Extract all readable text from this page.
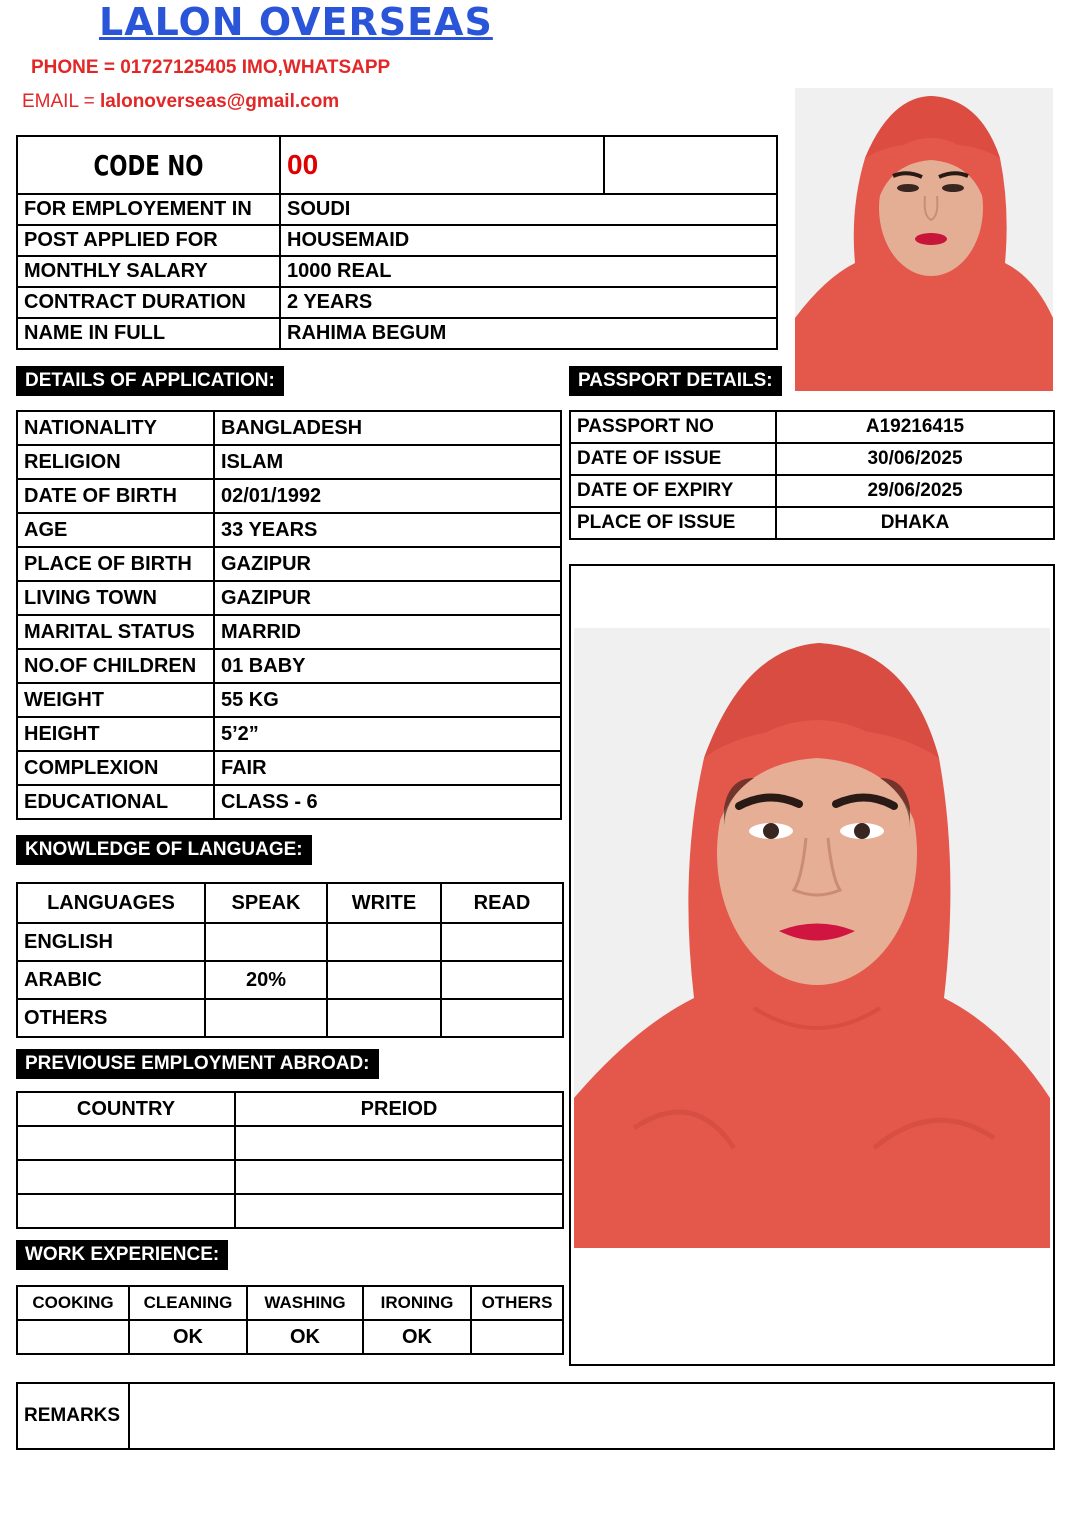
LALON OVERSEAS
PHONE = 01727125405 IMO,WHATSAPP
EMAIL = lalonoverseas@gmail.com
CODE NO	00	
FOR EMPLOYEMENT IN	SOUDI	
POST APPLIED FOR	HOUSEMAID	
MONTHLY SALARY	1000 REAL	
CONTRACT DURATION	2 YEARS	
NAME IN FULL	RAHIMA BEGUM	
DETAILS OF APPLICATION:
NATIONALITY	BANGLADESH
RELIGION	ISLAM
DATE OF BIRTH	02/01/1992
AGE	33 YEARS
PLACE OF BIRTH	GAZIPUR
LIVING TOWN	GAZIPUR
MARITAL STATUS	MARRID
NO.OF CHILDREN	01 BABY
WEIGHT	55 KG
HEIGHT	5’2”
COMPLEXION	FAIR
EDUCATIONAL	CLASS - 6
PASSPORT DETAILS:
PASSPORT NO	A19216415
DATE OF ISSUE	30/06/2025
DATE OF EXPIRY	29/06/2025
PLACE OF ISSUE	DHAKA
KNOWLEDGE OF LANGUAGE:
LANGUAGES	SPEAK	WRITE	READ
ENGLISH			
ARABIC	20%		
OTHERS			
PREVIOUSE EMPLOYMENT ABROAD:
COUNTRY	PREIOD

WORK EXPERIENCE:
COOKING	CLEANING	WASHING	IRONING	OTHERS
	OK	OK	OK	
REMARKS	
